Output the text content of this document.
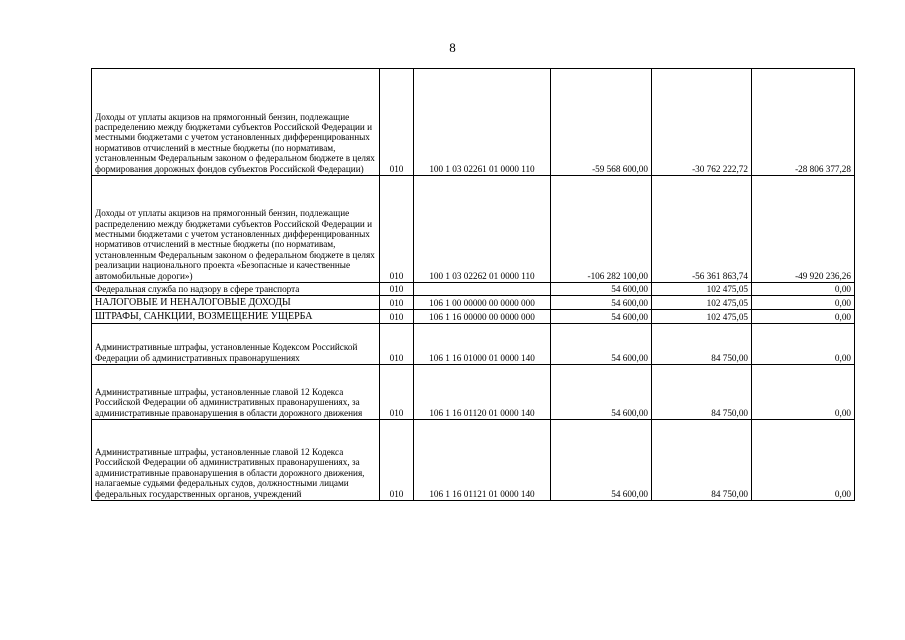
8
Доходы от уплаты акцизов на прямогонный бензин, подлежащие распределению между бюджетами субъектов Российской Федерации и местными бюджетами с учетом установленных дифференцированных нормативов отчислений в местные бюджеты (по нормативам, установленным Федеральным законом о федеральном бюджете в целях формирования дорожных фондов субъектов Российской Федерации)	010	100 1 03 02261 01 0000 110	-59 568 600,00	-30 762 222,72	-28 806 377,28
Доходы от уплаты акцизов на прямогонный бензин, подлежащие распределению между бюджетами субъектов Российской Федерации и местными бюджетами с учетом установленных дифференцированных нормативов отчислений в местные бюджеты (по нормативам, установленным Федеральным законом о федеральном бюджете в целях реализации национального проекта «Безопасные и качественные автомобильные дороги»)	010	100 1 03 02262 01 0000 110	-106 282 100,00	-56 361 863,74	-49 920 236,26
Федеральная служба по надзору в сфере транспорта	010		54 600,00	102 475,05	0,00
НАЛОГОВЫЕ И НЕНАЛОГОВЫЕ ДОХОДЫ	010	106 1 00 00000 00 0000 000	54 600,00	102 475,05	0,00
ШТРАФЫ, САНКЦИИ, ВОЗМЕЩЕНИЕ УЩЕРБА	010	106 1 16 00000 00 0000 000	54 600,00	102 475,05	0,00
Административные штрафы, установленные Кодексом Российской Федерации об административных правонарушениях	010	106 1 16 01000 01 0000 140	54 600,00	84 750,00	0,00
Административные штрафы, установленные главой 12 Кодекса Российской Федерации об административных правонарушениях, за административные правонарушения в области дорожного движения	010	106 1 16 01120 01 0000 140	54 600,00	84 750,00	0,00
Административные штрафы, установленные главой 12 Кодекса Российской Федерации об административных правонарушениях, за административные правонарушения в области дорожного движения, налагаемые судьями федеральных судов, должностными лицами федеральных государственных органов, учреждений	010	106 1 16 01121 01 0000 140	54 600,00	84 750,00	0,00
